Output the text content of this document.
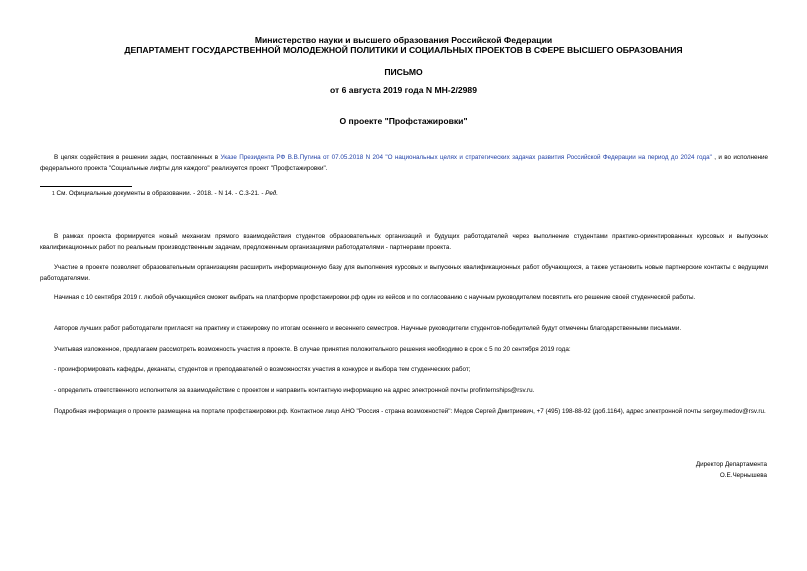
Министерство науки и высшего образования Российской Федерации
ДЕПАРТАМЕНТ ГОСУДАРСТВЕННОЙ МОЛОДЕЖНОЙ ПОЛИТИКИ И СОЦИАЛЬНЫХ ПРОЕКТОВ В СФЕРЕ ВЫСШЕГО ОБРАЗОВАНИЯ
ПИСЬМО
от 6 августа 2019 года N МН-2/2989
О проекте "Профстажировки"
В целях содействия в решении задач, поставленных в Указе Президента РФ В.В.Путина от 07.05.2018 N 204 "О национальных целях и стратегических задачах развития Российской Федерации на период до 2024 года" , и во исполнение федерального проекта "Социальные лифты для каждого" реализуется проект "Профстажировки".
$^1$ См. Официальные документы в образовании. - 2018. - N 14. - С.3-21. - Ред.
В рамках проекта формируется новый механизм прямого взаимодействия студентов образовательных организаций и будущих работодателей через выполнение студентами практико-ориентированных курсовых и выпускных квалификационных работ по реальным производственным задачам, предложенным организациями работодателями - партнерами проекта.
Участие в проекте позволяет образовательным организациям расширить информационную базу для выполнения курсовых и выпускных квалификационных работ обучающихся, а также установить новые партнерские контакты с ведущими работодателями.
Начиная с 10 сентября 2019 г. любой обучающийся сможет выбрать на платформе профстажировки.рф один из кейсов и по согласованию с научным руководителем посвятить его решение своей студенческой работы.
Авторов лучших работ работодатели пригласят на практику и стажировку по итогам осеннего и весеннего семестров. Научные руководители студентов-победителей будут отмечены благодарственными письмами.
Учитывая изложенное, предлагаем рассмотреть возможность участия в проекте. В случае принятия положительного решения необходимо в срок с 5 по 20 сентября 2019 года:
- проинформировать кафедры, деканаты, студентов и преподавателей о возможностях участия в конкурсе и выбора тем студенческих работ;
- определить ответственного исполнителя за взаимодействие с проектом и направить контактную информацию на адрес электронной почты profinternships@rsv.ru.
Подробная информация о проекте размещена на портале профстажировки.рф. Контактное лицо АНО "Россия - страна возможностей": Медов Сергей Дмитриевич, +7 (495) 198-88-92 (доб.1164), адрес электронной почты sergey.medov@rsv.ru.
Директор Департамента
О.Е.Чернышева
